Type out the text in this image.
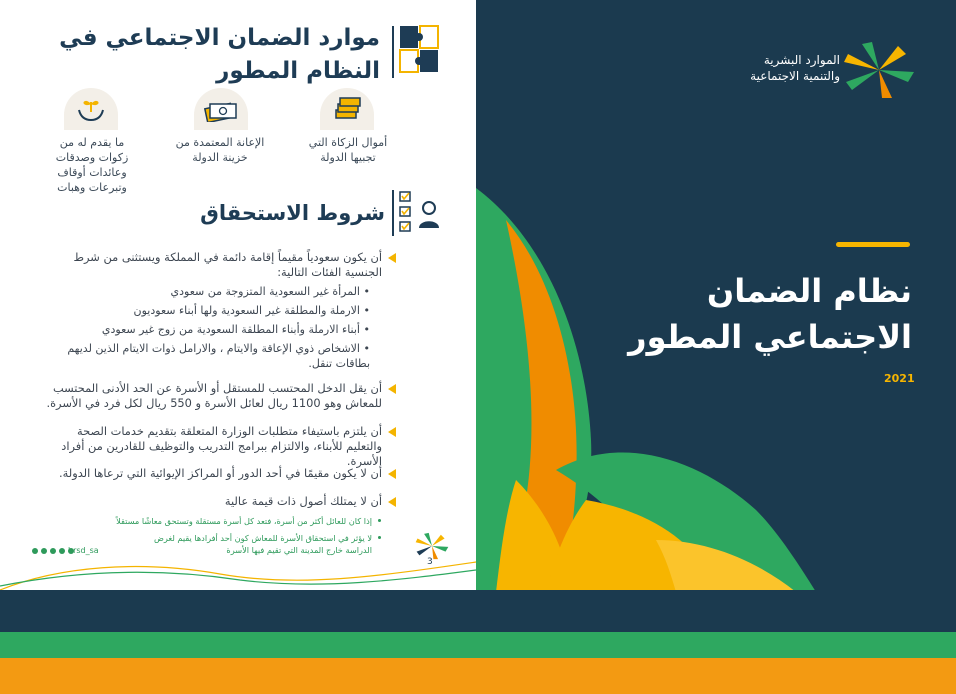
الموارد البشرية
والتنمية الاجتماعية
نظام الضمان
الاجتماعي المطور
2021
موارد الضمان الاجتماعي في النظام المطور
أموال الزكاة التي تجبيها الدولة
الإعانة المعتمدة من خزينة الدولة
ما يقدم له من زكوات وصدقات وعائدات أوقاف وتبرعات وهبات
شروط الاستحقاق
أن يكون سعودياً مقيماً إقامة دائمة في المملكة ويستثنى من شرط الجنسية الفئات التالية:
• المرأة غير السعودية المتزوجة من سعودي
• الارملة والمطلقة غير السعودية ولها أبناء سعوديون
• أبناء الارملة وأبناء المطلقة السعودية من زوج غير سعودي
• الاشخاص ذوي الإعاقة والايتام ، والارامل ذوات الايتام الذين لديهم بطاقات تنقل.
أن يقل الدخل المحتسب للمستقل أو الأسرة عن الحد الأدنى المحتسب للمعاش وهو 1100 ريال لعائل الأسرة و 550 ريال لكل فرد في الأسرة.
أن يلتزم باستيفاء متطلبات الوزارة المتعلقة بتقديم خدمات الصحة والتعليم للأبناء، والالتزام ببرامج التدريب والتوظيف للقادرين من أفراد الأسرة.
أن لا يكون مقيمًا في أحد الدور أو المراكز الإيوائية التي ترعاها الدولة.
أن لا يمتلك أصول ذات قيمة عالية
إذا كان للعائل أكثر من أسرة، فتعد كل أسرة مستقلة وتستحق معاشًا مستقلاً
لا يؤثر في استحقاق الأسرة للمعاش كون أحد أفرادها يقيم لغرض الدراسة خارج المدينة التي تقيم فيها الأسرة
hrsd_sa
3
